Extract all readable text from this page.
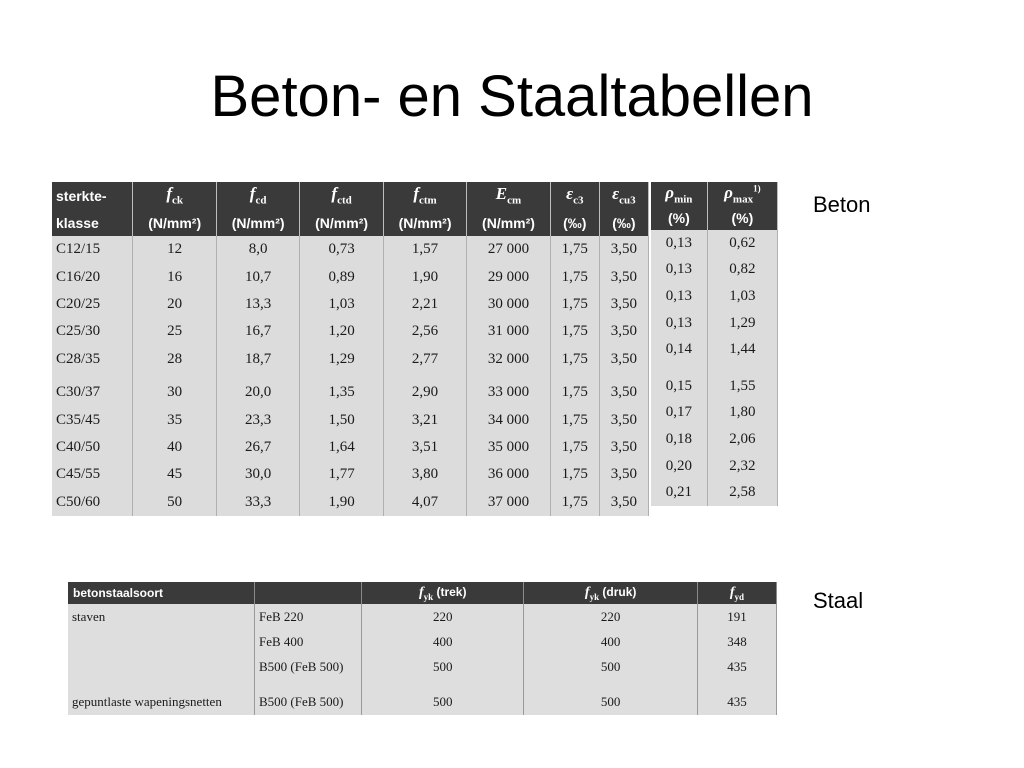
Beton- en Staaltabellen
sterkte-	$f_{ck}$	$f_{cd}$	$f_{ctd}$	$f_{ctm}$	$E_{cm}$	$\varepsilon_{c3}$	$\varepsilon_{cu3}$
klasse	(N/mm²)	(N/mm²)	(N/mm²)	(N/mm²)	(N/mm²)	(‰)	(‰)
C12/15	12	8,0	0,73	1,57	27 000	1,75	3,50
C16/20	16	10,7	0,89	1,90	29 000	1,75	3,50
C20/25	20	13,3	1,03	2,21	30 000	1,75	3,50
C25/30	25	16,7	1,20	2,56	31 000	1,75	3,50
C28/35	28	18,7	1,29	2,77	32 000	1,75	3,50
C30/37	30	20,0	1,35	2,90	33 000	1,75	3,50
C35/45	35	23,3	1,50	3,21	34 000	1,75	3,50
C40/50	40	26,7	1,64	3,51	35 000	1,75	3,50
C45/55	45	30,0	1,77	3,80	36 000	1,75	3,50
C50/60	50	33,3	1,90	4,07	37 000	1,75	3,50
$\rho_{min}$	$\rho_{max}^{1)}$
(%)	(%)
0,13	0,62
0,13	0,82
0,13	1,03
0,13	1,29
0,14	1,44
0,15	1,55
0,17	1,80
0,18	2,06
0,20	2,32
0,21	2,58
Beton
betonstaalsoort		$f_{yk}$ (trek)	$f_{yk}$ (druk)	$f_{yd}$
staven	FeB 220	220	220	191
	FeB 400	400	400	348
	B500 (FeB 500)	500	500	435
gepuntlaste wapeningsnetten	B500 (FeB 500)	500	500	435
Staal
